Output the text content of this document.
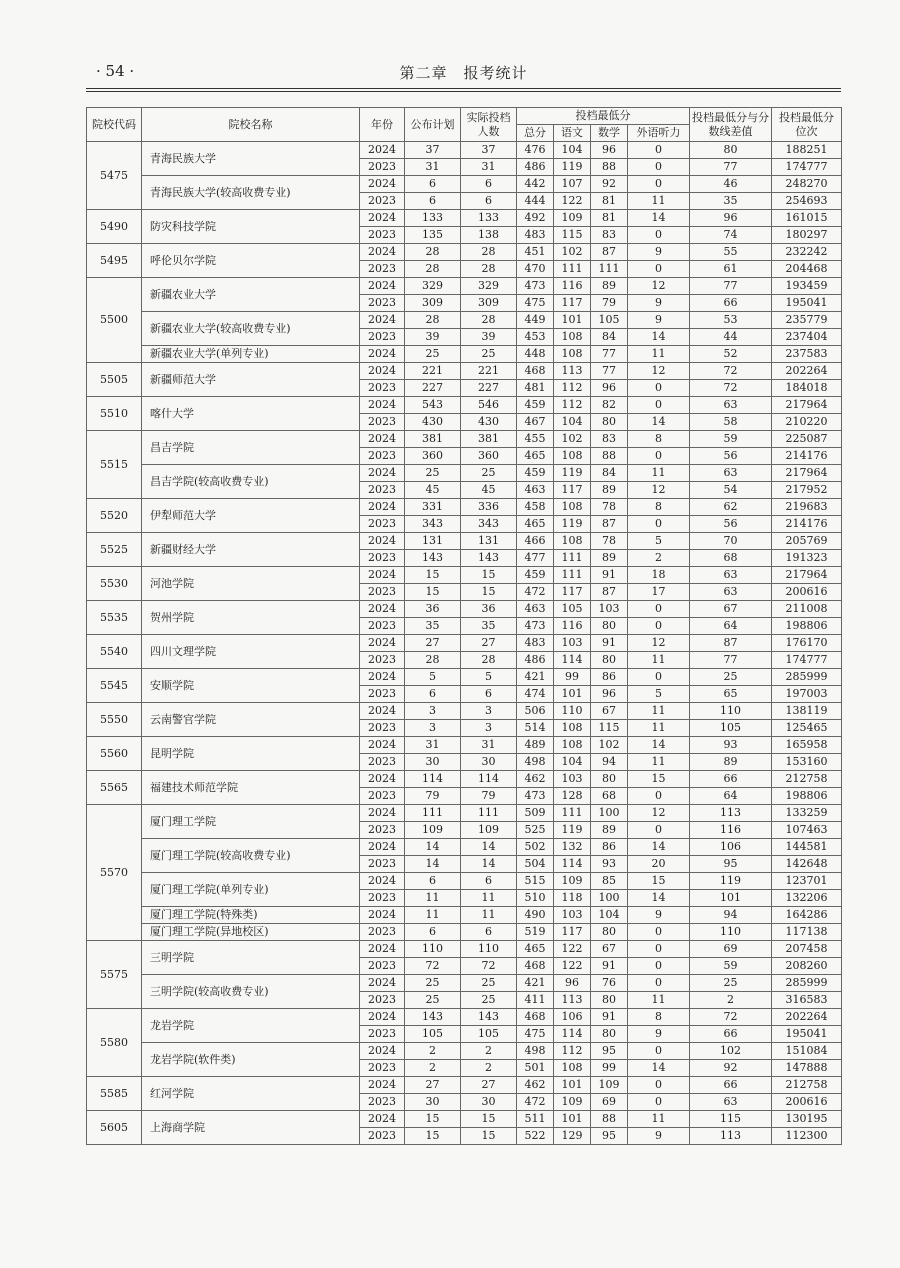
· 54 ·	第二章　报考统计
院校代码	院校名称	年份	公布计划	实际投档人数	投档最低分				投档最低分与分数线差值	投档最低分位次
					总分	语文	数学	外语听力		
5475	青海民族大学	2024	37	37	476	104	96	0	80	188251
		2023	31	31	486	119	88	0	77	174777
	青海民族大学(较高收费专业)	2024	6	6	442	107	92	0	46	248270
		2023	6	6	444	122	81	11	35	254693
5490	防灾科技学院	2024	133	133	492	109	81	14	96	161015
		2023	135	138	483	115	83	0	74	180297
5495	呼伦贝尔学院	2024	28	28	451	102	87	9	55	232242
		2023	28	28	470	111	111	0	61	204468
5500	新疆农业大学	2024	329	329	473	116	89	12	77	193459
		2023	309	309	475	117	79	9	66	195041
	新疆农业大学(较高收费专业)	2024	28	28	449	101	105	9	53	235779
		2023	39	39	453	108	84	14	44	237404
	新疆农业大学(单列专业)	2024	25	25	448	108	77	11	52	237583
5505	新疆师范大学	2024	221	221	468	113	77	12	72	202264
		2023	227	227	481	112	96	0	72	184018
5510	喀什大学	2024	543	546	459	112	82	0	63	217964
		2023	430	430	467	104	80	14	58	210220
5515	昌吉学院	2024	381	381	455	102	83	8	59	225087
		2023	360	360	465	108	88	0	56	214176
	昌吉学院(较高收费专业)	2024	25	25	459	119	84	11	63	217964
		2023	45	45	463	117	89	12	54	217952
5520	伊犁师范大学	2024	331	336	458	108	78	8	62	219683
		2023	343	343	465	119	87	0	56	214176
5525	新疆财经大学	2024	131	131	466	108	78	5	70	205769
		2023	143	143	477	111	89	2	68	191323
5530	河池学院	2024	15	15	459	111	91	18	63	217964
		2023	15	15	472	117	87	17	63	200616
5535	贺州学院	2024	36	36	463	105	103	0	67	211008
		2023	35	35	473	116	80	0	64	198806
5540	四川文理学院	2024	27	27	483	103	91	12	87	176170
		2023	28	28	486	114	80	11	77	174777
5545	安顺学院	2024	5	5	421	99	86	0	25	285999
		2023	6	6	474	101	96	5	65	197003
5550	云南警官学院	2024	3	3	506	110	67	11	110	138119
		2023	3	3	514	108	115	11	105	125465
5560	昆明学院	2024	31	31	489	108	102	14	93	165958
		2023	30	30	498	104	94	11	89	153160
5565	福建技术师范学院	2024	114	114	462	103	80	15	66	212758
		2023	79	79	473	128	68	0	64	198806
5570	厦门理工学院	2024	111	111	509	111	100	12	113	133259
		2023	109	109	525	119	89	0	116	107463
	厦门理工学院(较高收费专业)	2024	14	14	502	132	86	14	106	144581
		2023	14	14	504	114	93	20	95	142648
	厦门理工学院(单列专业)	2024	6	6	515	109	85	15	119	123701
		2023	11	11	510	118	100	14	101	132206
	厦门理工学院(特殊类)	2024	11	11	490	103	104	9	94	164286
	厦门理工学院(异地校区)	2023	6	6	519	117	80	0	110	117138
5575	三明学院	2024	110	110	465	122	67	0	69	207458
		2023	72	72	468	122	91	0	59	208260
	三明学院(较高收费专业)	2024	25	25	421	96	76	0	25	285999
		2023	25	25	411	113	80	11	2	316583
5580	龙岩学院	2024	143	143	468	106	91	8	72	202264
		2023	105	105	475	114	80	9	66	195041
	龙岩学院(软件类)	2024	2	2	498	112	95	0	102	151084
		2023	2	2	501	108	99	14	92	147888
5585	红河学院	2024	27	27	462	101	109	0	66	212758
		2023	30	30	472	109	69	0	63	200616
5605	上海商学院	2024	15	15	511	101	88	11	115	130195
		2023	15	15	522	129	95	9	113	112300
